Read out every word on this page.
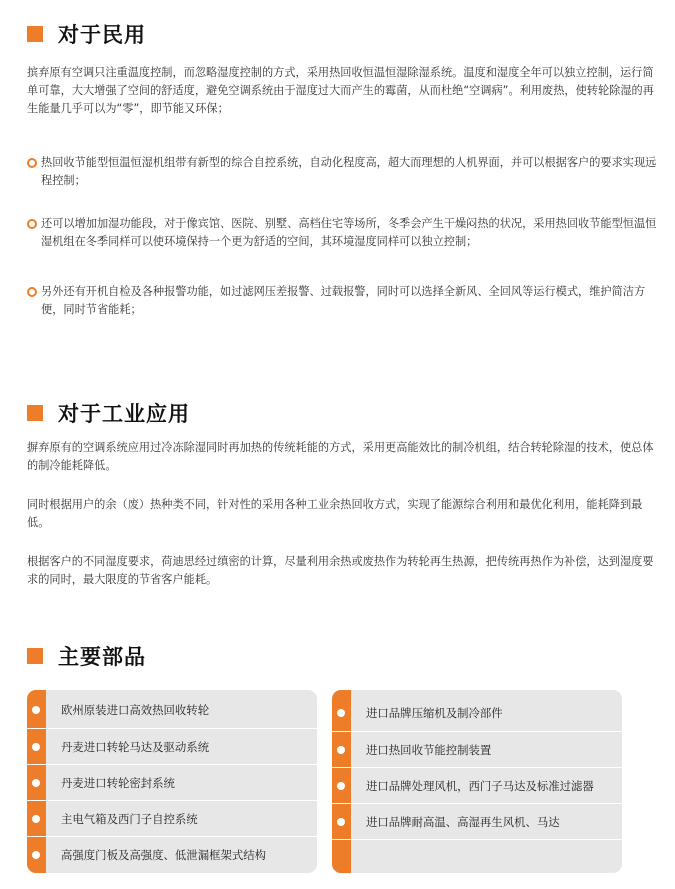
对于民用

摈弃原有空调只注重温度控制，而忽略湿度控制的方式，采用热回收恒温恒湿除湿系统。温度和湿度全年可以独立控制，运行简单可靠，大大增强了空间的舒适度，避免空调系统由于湿度过大而产生的霉菌，从而杜绝“空调病”。利用废热，使转轮除湿的再生能量几乎可以为“零”，即节能又环保；

热回收节能型恒温恒湿机组带有新型的综合自控系统，自动化程度高，超大而理想的人机界面，并可以根据客户的要求实现远程控制；
还可以增加加湿功能段，对于像宾馆、医院、别墅、高档住宅等场所，冬季会产生干燥闷热的状况，采用热回收节能型恒温恒湿机组在冬季同样可以使环境保持一个更为舒适的空间，其环境湿度同样可以独立控制；
另外还有开机自检及各种报警功能，如过滤网压差报警、过载报警，同时可以选择全新风、全回风等运行模式，维护简洁方便，同时节省能耗；
对于工业应用

摒弃原有的空调系统应用过冷冻除湿同时再加热的传统耗能的方式，采用更高能效比的制冷机组，结合转轮除湿的技术，使总体的制冷能耗降低。

同时根据用户的余（废）热种类不同，针对性的采用各种工业余热回收方式，实现了能源综合利用和最优化利用，能耗降到最低。

根据客户的不同湿度要求，荷迪思经过缜密的计算，尽量利用余热或废热作为转轮再生热源，把传统再热作为补偿，达到湿度要求的同时，最大限度的节省客户能耗。

主要部品
欧州原装进口高效热回收转轮
丹麦进口转轮马达及驱动系统
丹麦进口转轮密封系统
主电气箱及西门子自控系统
高强度门板及高强度、低泄漏框架式结构
进口品牌压缩机及制冷部件
进口热回收节能控制装置
进口品牌处理风机，西门子马达及标准过滤器
进口品牌耐高温、高湿再生风机、马达
